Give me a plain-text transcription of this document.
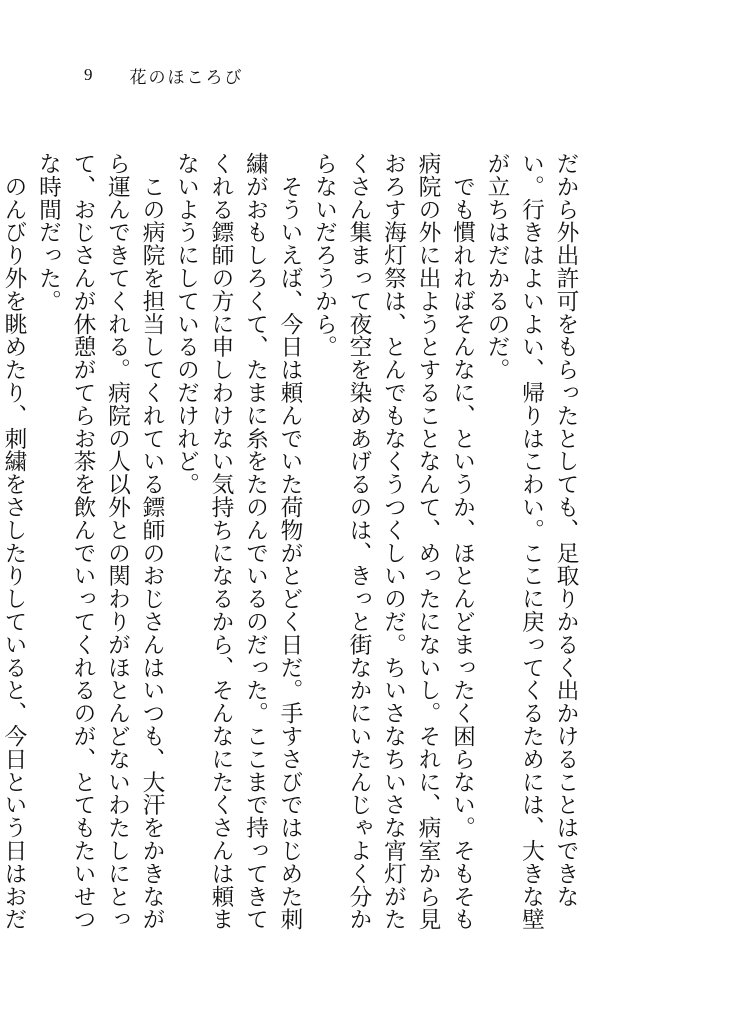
9 花のほころび

だから外出許可をもらったとしても、足取りかるく出かけることはできない。行きはよいよい、帰りはこわい。ここに戻ってくるためには、大きな壁が立ちはだかるのだ。

　でも慣れればそんなに、というか、ほとんどまったく困らない。そもそも病院の外に出ようとすることなんて、めったにないし。それに、病室から見おろす海灯祭は、とんでもなくうつくしいのだ。ちいさなちいさな宵灯がたくさん集まって夜空を染めあげるのは、きっと街なかにいたんじゃよく分からないだろうから。

　そういえば、今日は頼んでいた荷物がとどく日だ。手すさびではじめた刺繍がおもしろくて、たまに糸をたのんでいるのだった。ここまで持ってきてくれる鏢師の方に申しわけない気持ちになるから、そんなにたくさんは頼まないようにしているのだけれど。

　この病院を担当してくれている鏢師のおじさんはいつも、大汗をかきながら運んできてくれる。病院の人以外との関わりがほとんどないわたしにとって、おじさんが休憩がてらお茶を飲んでいってくれるのが、とてもたいせつな時間だった。

　のんびり外を眺めたり、刺繍をさしたりしていると、今日という日はおだ
